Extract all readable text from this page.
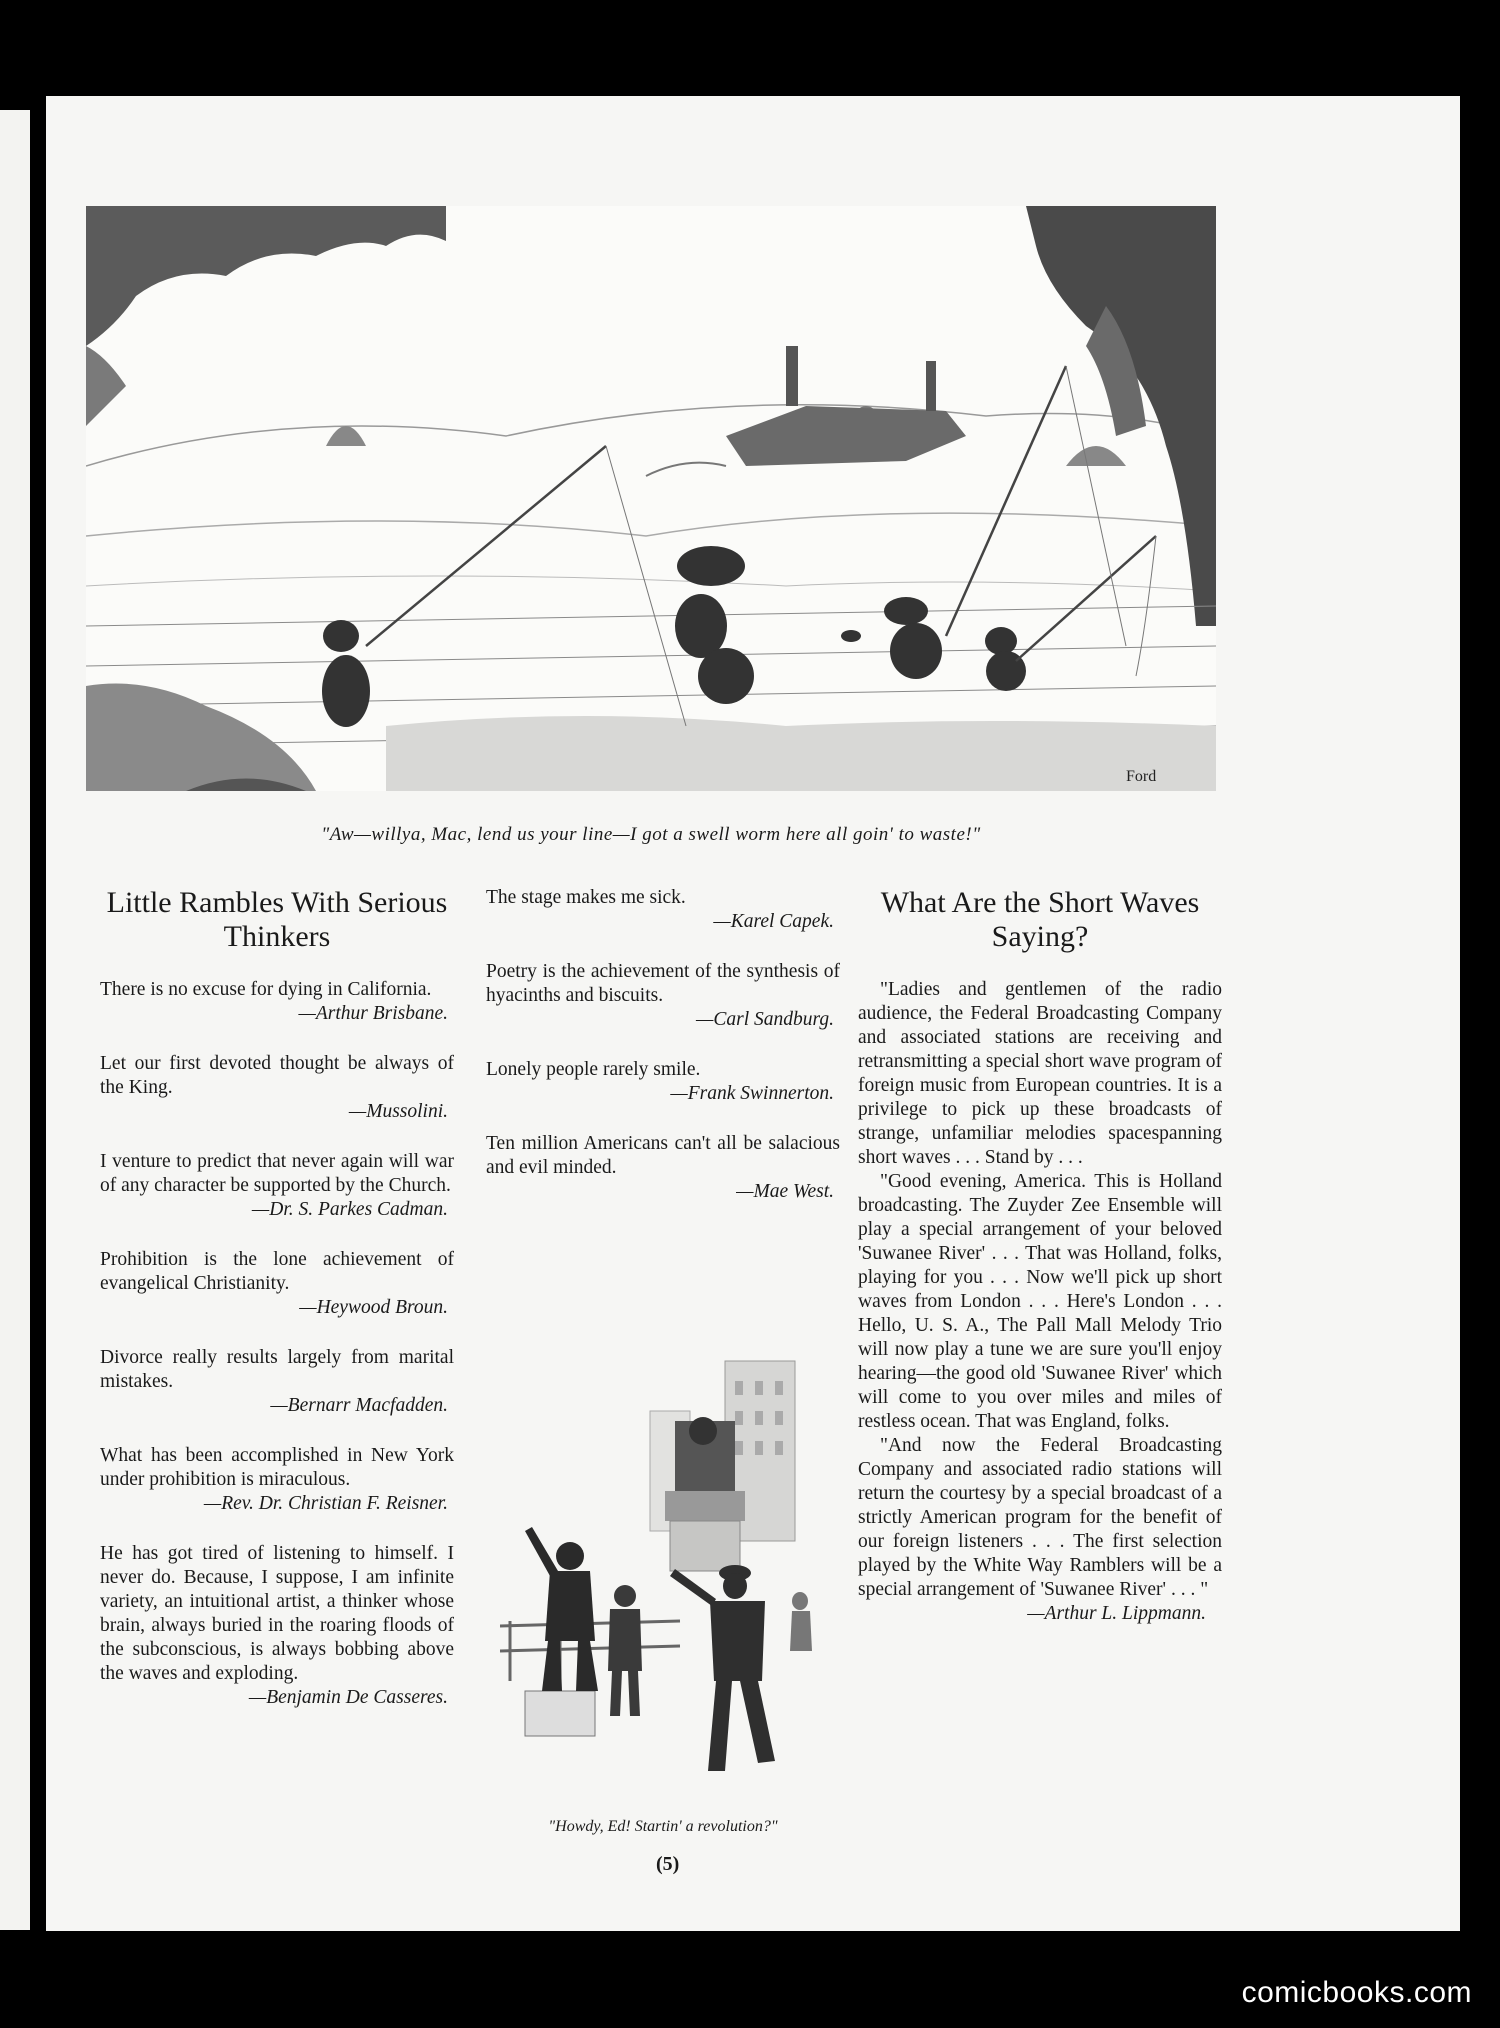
Ford
"Aw—willya, Mac, lend us your line—I got a swell worm here all goin' to waste!"
Little Rambles With Serious Thinkers
There is no excuse for dying in California.
—Arthur Brisbane.
Let our first devoted thought be always of the King.
—Mussolini.
I venture to predict that never again will war of any character be supported by the Church.
—Dr. S. Parkes Cadman.
Prohibition is the lone achievement of evangelical Christianity.
—Heywood Broun.
Divorce really results largely from marital mistakes.
—Bernarr Macfadden.
What has been accomplished in New York under prohibition is miraculous.
—Rev. Dr. Christian F. Reisner.
He has got tired of listening to himself. I never do. Because, I suppose, I am infinite variety, an intuitional artist, a thinker whose brain, always buried in the roaring floods of the subconscious, is always bobbing above the waves and exploding.
—Benjamin De Casseres.
The stage makes me sick.
—Karel Capek.
Poetry is the achievement of the synthesis of hyacinths and biscuits.
—Carl Sandburg.
Lonely people rarely smile.
—Frank Swinnerton.
Ten million Americans can't all be salacious and evil minded.
—Mae West.
"Howdy, Ed! Startin' a revolution?"
What Are the Short Waves Saying?
"Ladies and gentlemen of the radio audience, the Federal Broadcasting Company and associated stations are receiving and retransmitting a special short wave program of foreign music from European countries. It is a privilege to pick up these broadcasts of strange, unfamiliar melodies spacespanning short waves . . . Stand by . . .
"Good evening, America. This is Holland broadcasting. The Zuyder Zee Ensemble will play a special arrangement of your beloved 'Suwanee River' . . . That was Holland, folks, playing for you . . . Now we'll pick up short waves from London . . . Here's London . . . Hello, U. S. A., The Pall Mall Melody Trio will now play a tune we are sure you'll enjoy hearing—the good old 'Suwanee River' which will come to you over miles and miles of restless ocean. That was England, folks.
"And now the Federal Broadcasting Company and associated radio stations will return the courtesy by a special broadcast of a strictly American program for the benefit of our foreign listeners . . . The first selection played by the White Way Ramblers will be a special arrangement of 'Suwanee River' . . . "
—Arthur L. Lippmann.
(5)
comicbooks.com
